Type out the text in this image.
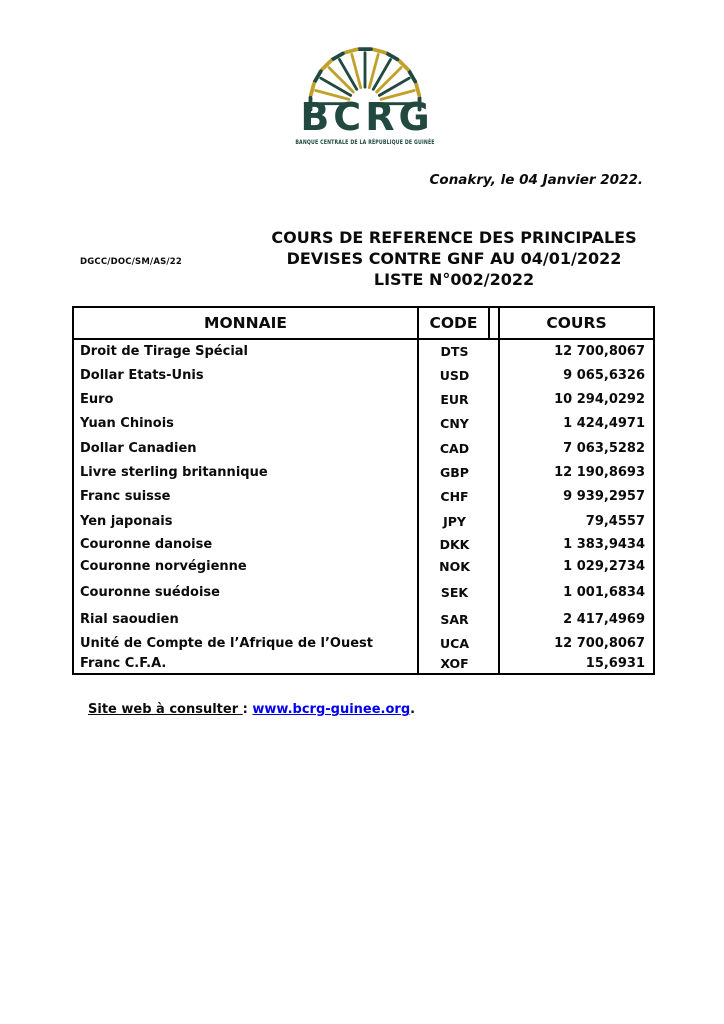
BCRG
BANQUE CENTRALE DE LA RÉPUBLIQUE DE GUINÉE
Conakry, le 04 Janvier 2022.
DGCC/DOC/SM/AS/22
COURS DE REFERENCE DES PRINCIPALES
DEVISES CONTRE GNF AU 04/01/2022
LISTE N°002/2022
MONNAIE	CODE	COURS
Droit de Tirage Spécial	DTS	12 700,8067
Dollar Etats-Unis	USD	9 065,6326
Euro	EUR	10 294,0292
Yuan Chinois	CNY	1 424,4971
Dollar Canadien	CAD	7 063,5282
Livre sterling britannique	GBP	12 190,8693
Franc suisse	CHF	9 939,2957
Yen japonais	JPY	79,4557
Couronne danoise	DKK	1 383,9434
Couronne norvégienne	NOK	1 029,2734
Couronne suédoise	SEK	1 001,6834
Rial saoudien	SAR	2 417,4969
Unité de Compte de l’Afrique de l’Ouest	UCA	12 700,8067
Franc C.F.A.	XOF	15,6931
Site web à consulter : www.bcrg-guinee.org.
